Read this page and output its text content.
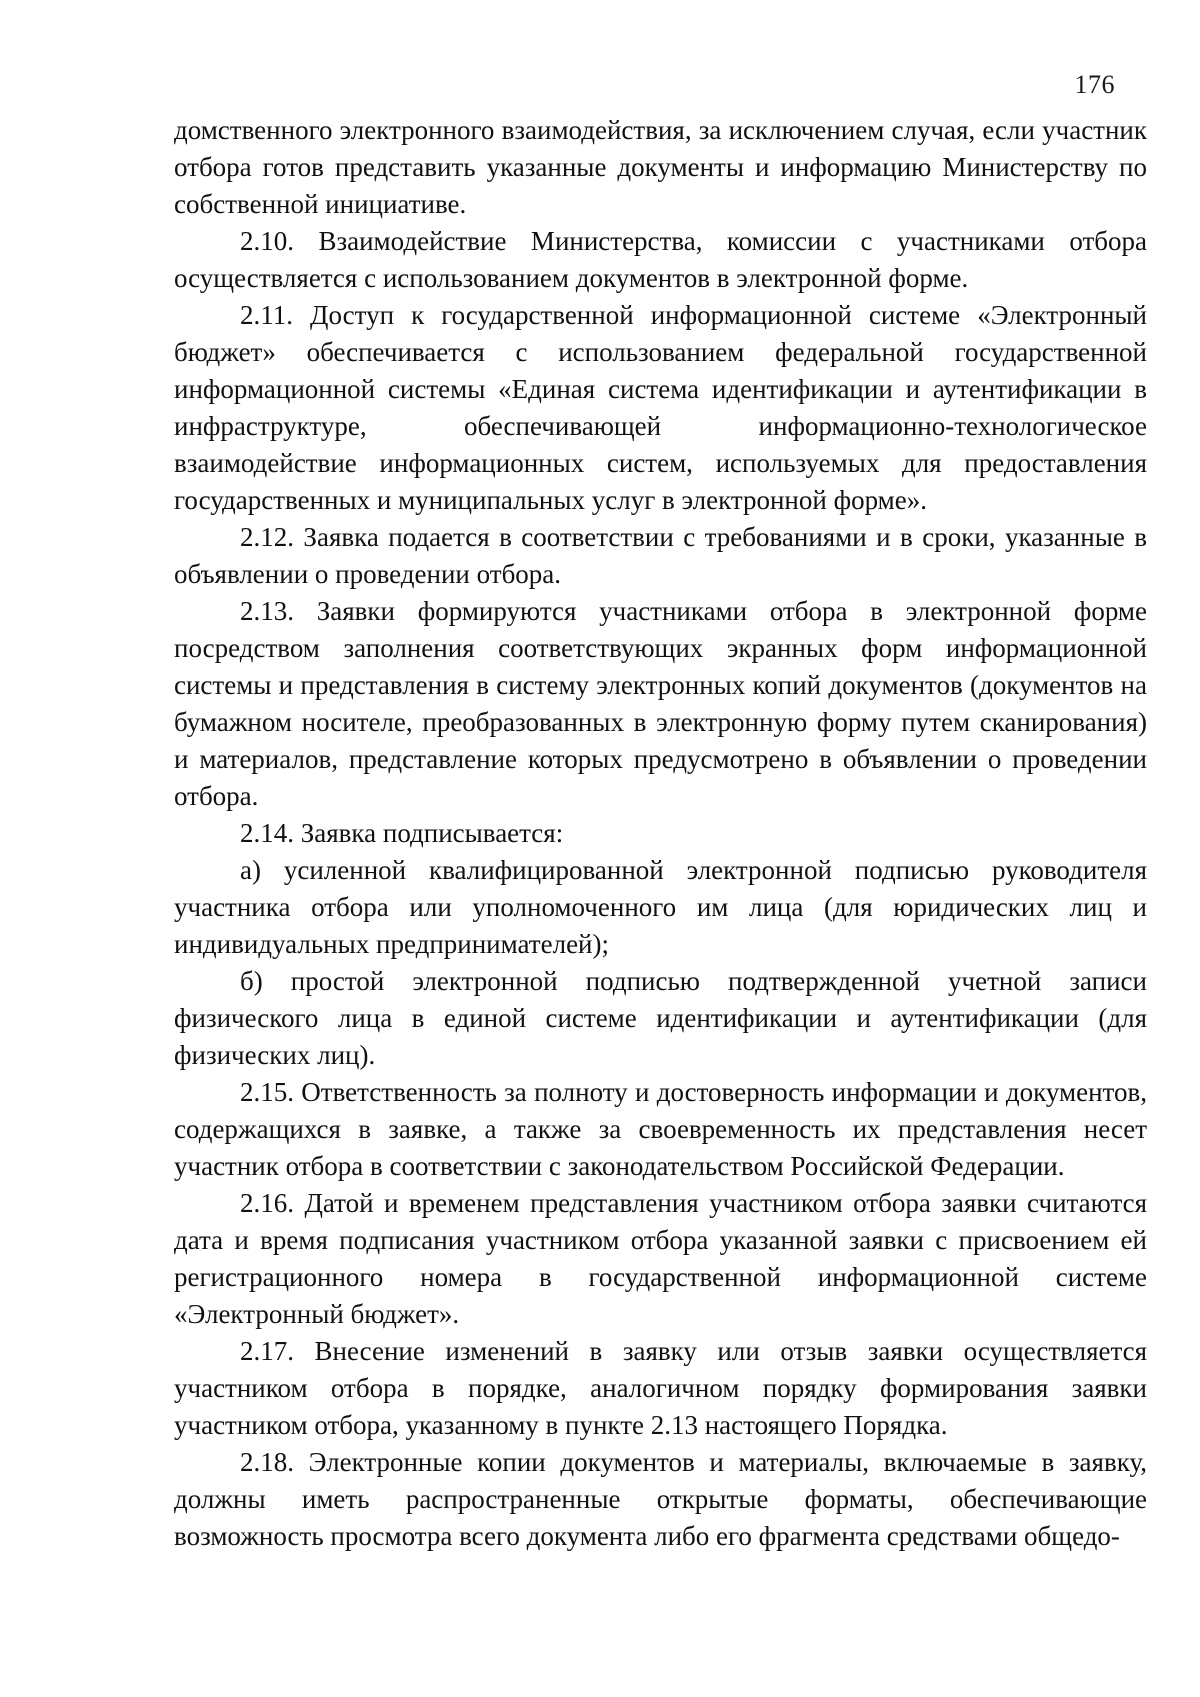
176

домственного электронного взаимодействия, за исключением случая, если участник отбора готов представить указанные документы и информацию Министерству по собственной инициативе.

2.10. Взаимодействие Министерства, комиссии с участниками отбора осуществляется с использованием документов в электронной форме.

2.11. Доступ к государственной информационной системе «Электронный бюджет» обеспечивается с использованием федеральной государственной информационной системы «Единая система идентификации и аутентификации в инфраструктуре, обеспечивающей информационно-технологическое взаимодействие информационных систем, используемых для предоставления государственных и муниципальных услуг в электронной форме».

2.12. Заявка подается в соответствии с требованиями и в сроки, указанные в объявлении о проведении отбора.

2.13. Заявки формируются участниками отбора в электронной форме посредством заполнения соответствующих экранных форм информационной системы и представления в систему электронных копий документов (документов на бумажном носителе, преобразованных в электронную форму путем сканирования) и материалов, представление которых предусмотрено в объявлении о проведении отбора.

2.14. Заявка подписывается:

а) усиленной квалифицированной электронной подписью руководителя участника отбора или уполномоченного им лица (для юридических лиц и индивидуальных предпринимателей);

б) простой электронной подписью подтвержденной учетной записи физического лица в единой системе идентификации и аутентификации (для физических лиц).

2.15. Ответственность за полноту и достоверность информации и документов, содержащихся в заявке, а также за своевременность их представления несет участник отбора в соответствии с законодательством Российской Федерации.

2.16. Датой и временем представления участником отбора заявки считаются дата и время подписания участником отбора указанной заявки с присвоением ей регистрационного номера в государственной информационной системе «Электронный бюджет».

2.17. Внесение изменений в заявку или отзыв заявки осуществляется участником отбора в порядке, аналогичном порядку формирования заявки участником отбора, указанному в пункте 2.13 настоящего Порядка.

2.18. Электронные копии документов и материалы, включаемые в заявку, должны иметь распространенные открытые форматы, обеспечивающие возможность просмотра всего документа либо его фрагмента средствами общедо-
